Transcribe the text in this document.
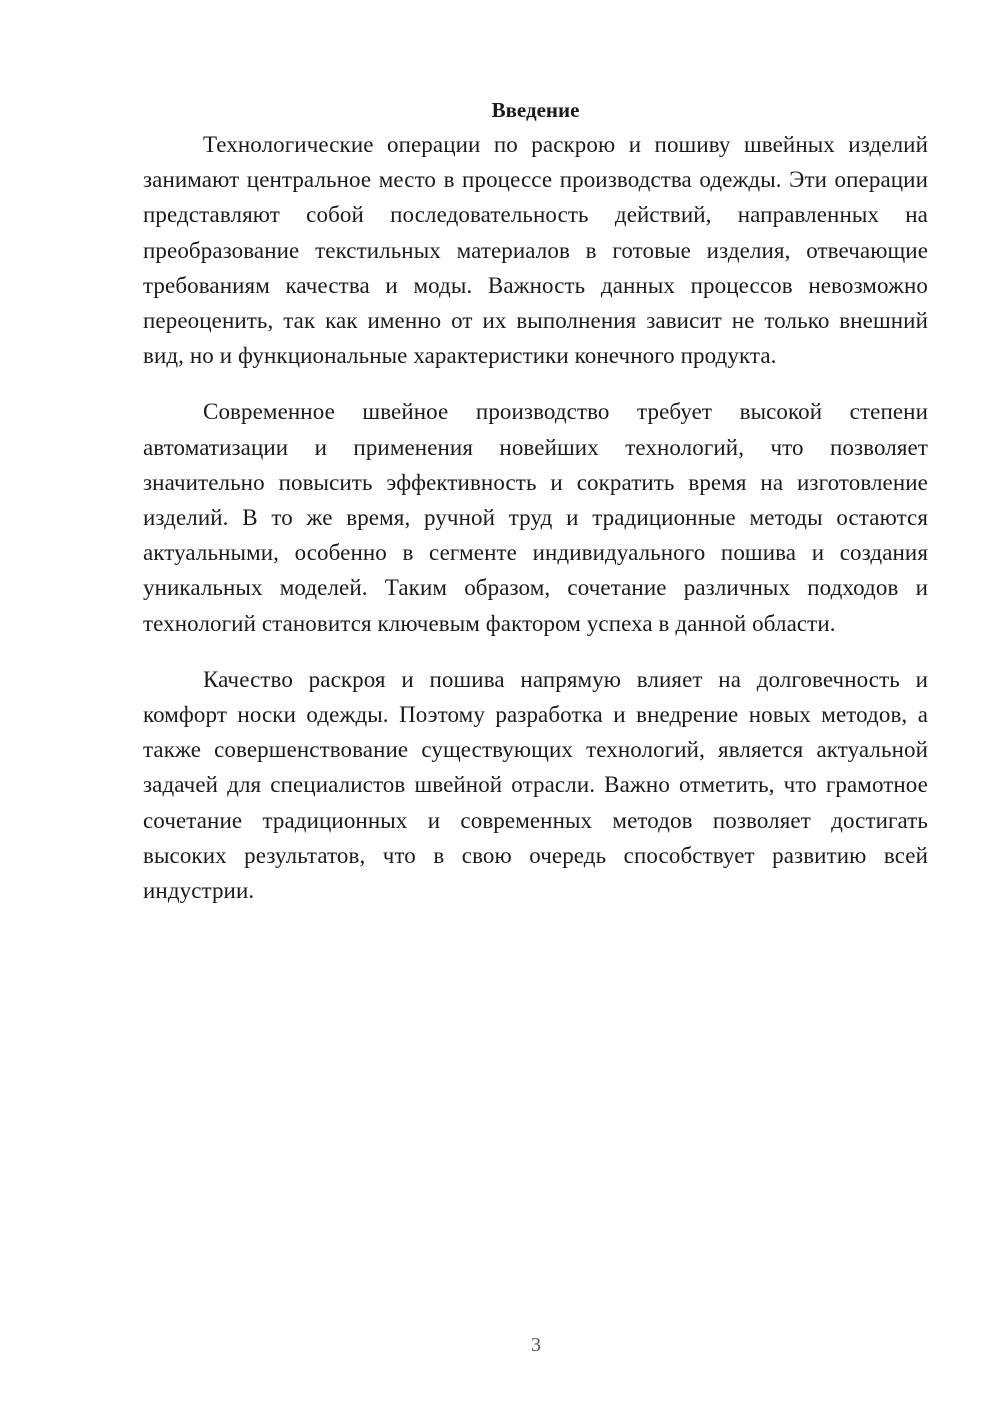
Введение

Технологические операции по раскрою и пошиву швейных изделий занимают центральное место в процессе производства одежды. Эти операции представляют собой последовательность действий, направленных на преобразование текстильных материалов в готовые изделия, отвечающие требованиям качества и моды. Важность данных процессов невозможно переоценить, так как именно от их выполнения зависит не только внешний вид, но и функциональные характеристики конечного продукта.

Современное швейное производство требует высокой степени автоматизации и применения новейших технологий, что позволяет значительно повысить эффективность и сократить время на изготовление изделий. В то же время, ручной труд и традиционные методы остаются актуальными, особенно в сегменте индивидуального пошива и создания уникальных моделей. Таким образом, сочетание различных подходов и технологий становится ключевым фактором успеха в данной области.

Качество раскроя и пошива напрямую влияет на долговечность и комфорт носки одежды. Поэтому разработка и внедрение новых методов, а также совершенствование существующих технологий, является актуальной задачей для специалистов швейной отрасли. Важно отметить, что грамотное сочетание традиционных и современных методов позволяет достигать высоких результатов, что в свою очередь способствует развитию всей индустрии.

3
